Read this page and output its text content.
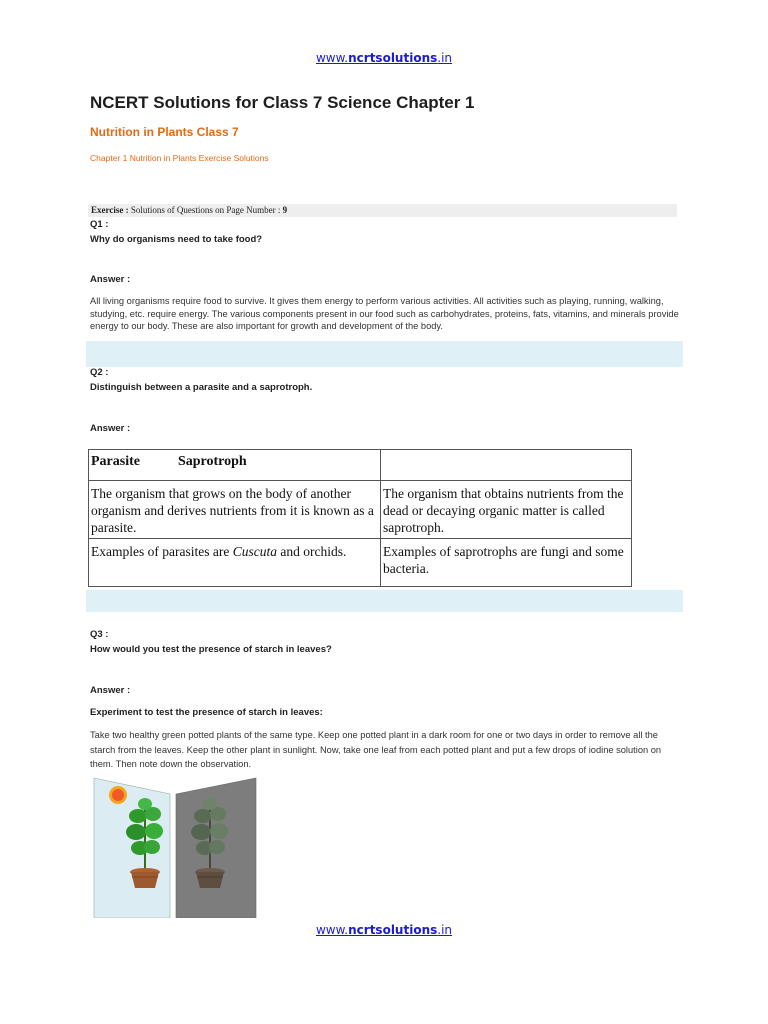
www.ncrtsolutions.in
NCERT Solutions for Class 7 Science Chapter 1
Nutrition in Plants Class 7
Chapter 1 Nutrition in Plants Exercise Solutions
Exercise : Solutions of Questions on Page Number : 9
Q1 :
Why do organisms need to take food?
Answer :
All living organisms require food to survive. It gives them energy to perform various activities. All activities such as playing, running, walking, studying, etc. require energy. The various components present in our food such as carbohydrates, proteins, fats, vitamins, and minerals provide energy to our body. These are also important for growth and development of the body.
Q2 :
Distinguish between a parasite and a saprotroph.
Answer :
Parasite Saprotroph	
The organism that grows on the body of another organism and derives nutrients from it is known as a parasite.	The organism that obtains nutrients from the dead or decaying organic matter is called saprotroph.
Examples of parasites are Cuscuta and orchids.	Examples of saprotrophs are fungi and some bacteria.
Q3 :
How would you test the presence of starch in leaves?
Answer :
Experiment to test the presence of starch in leaves:
Take two healthy green potted plants of the same type. Keep one potted plant in a dark room for one or two days in order to remove all the starch from the leaves. Keep the other plant in sunlight. Now, take one leaf from each potted plant and put a few drops of iodine solution on them. Then note down the observation.
www.ncrtsolutions.in
